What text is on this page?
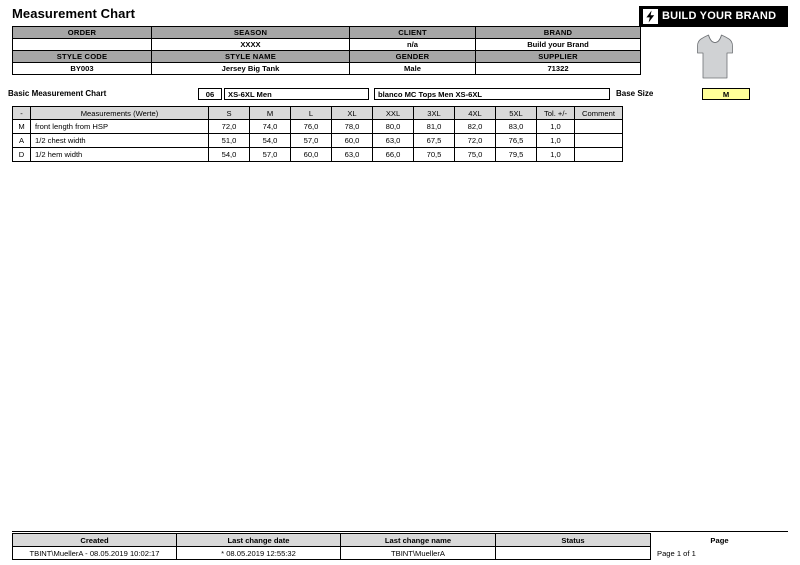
Measurement Chart	BUILD YOUR BRAND
ORDER	SEASON	CLIENT	BRAND
	XXXX	n/a	Build your Brand
STYLE CODE	STYLE NAME	GENDER	SUPPLIER
BY003	Jersey Big Tank	Male	71322
Basic Measurement Chart	06	XS-6XL Men	blanco MC Tops Men XS-6XL	Base Size	M
-	Measurements (Werte)	S	M	L	XL	XXL	3XL	4XL	5XL	Tol. +/-	Comment
M	front length from HSP	72,0	74,0	76,0	78,0	80,0	81,0	82,0	83,0	1,0	
A	1/2 chest width	51,0	54,0	57,0	60,0	63,0	67,5	72,0	76,5	1,0	
D	1/2 hem width	54,0	57,0	60,0	63,0	66,0	70,5	75,0	79,5	1,0	
Created	Last change date	Last change name	Status	Page
TBINT\MuellerA - 08.05.2019 10:02:17	* 08.05.2019 12:55:32	TBINT\MuellerA		Page 1 of 1
